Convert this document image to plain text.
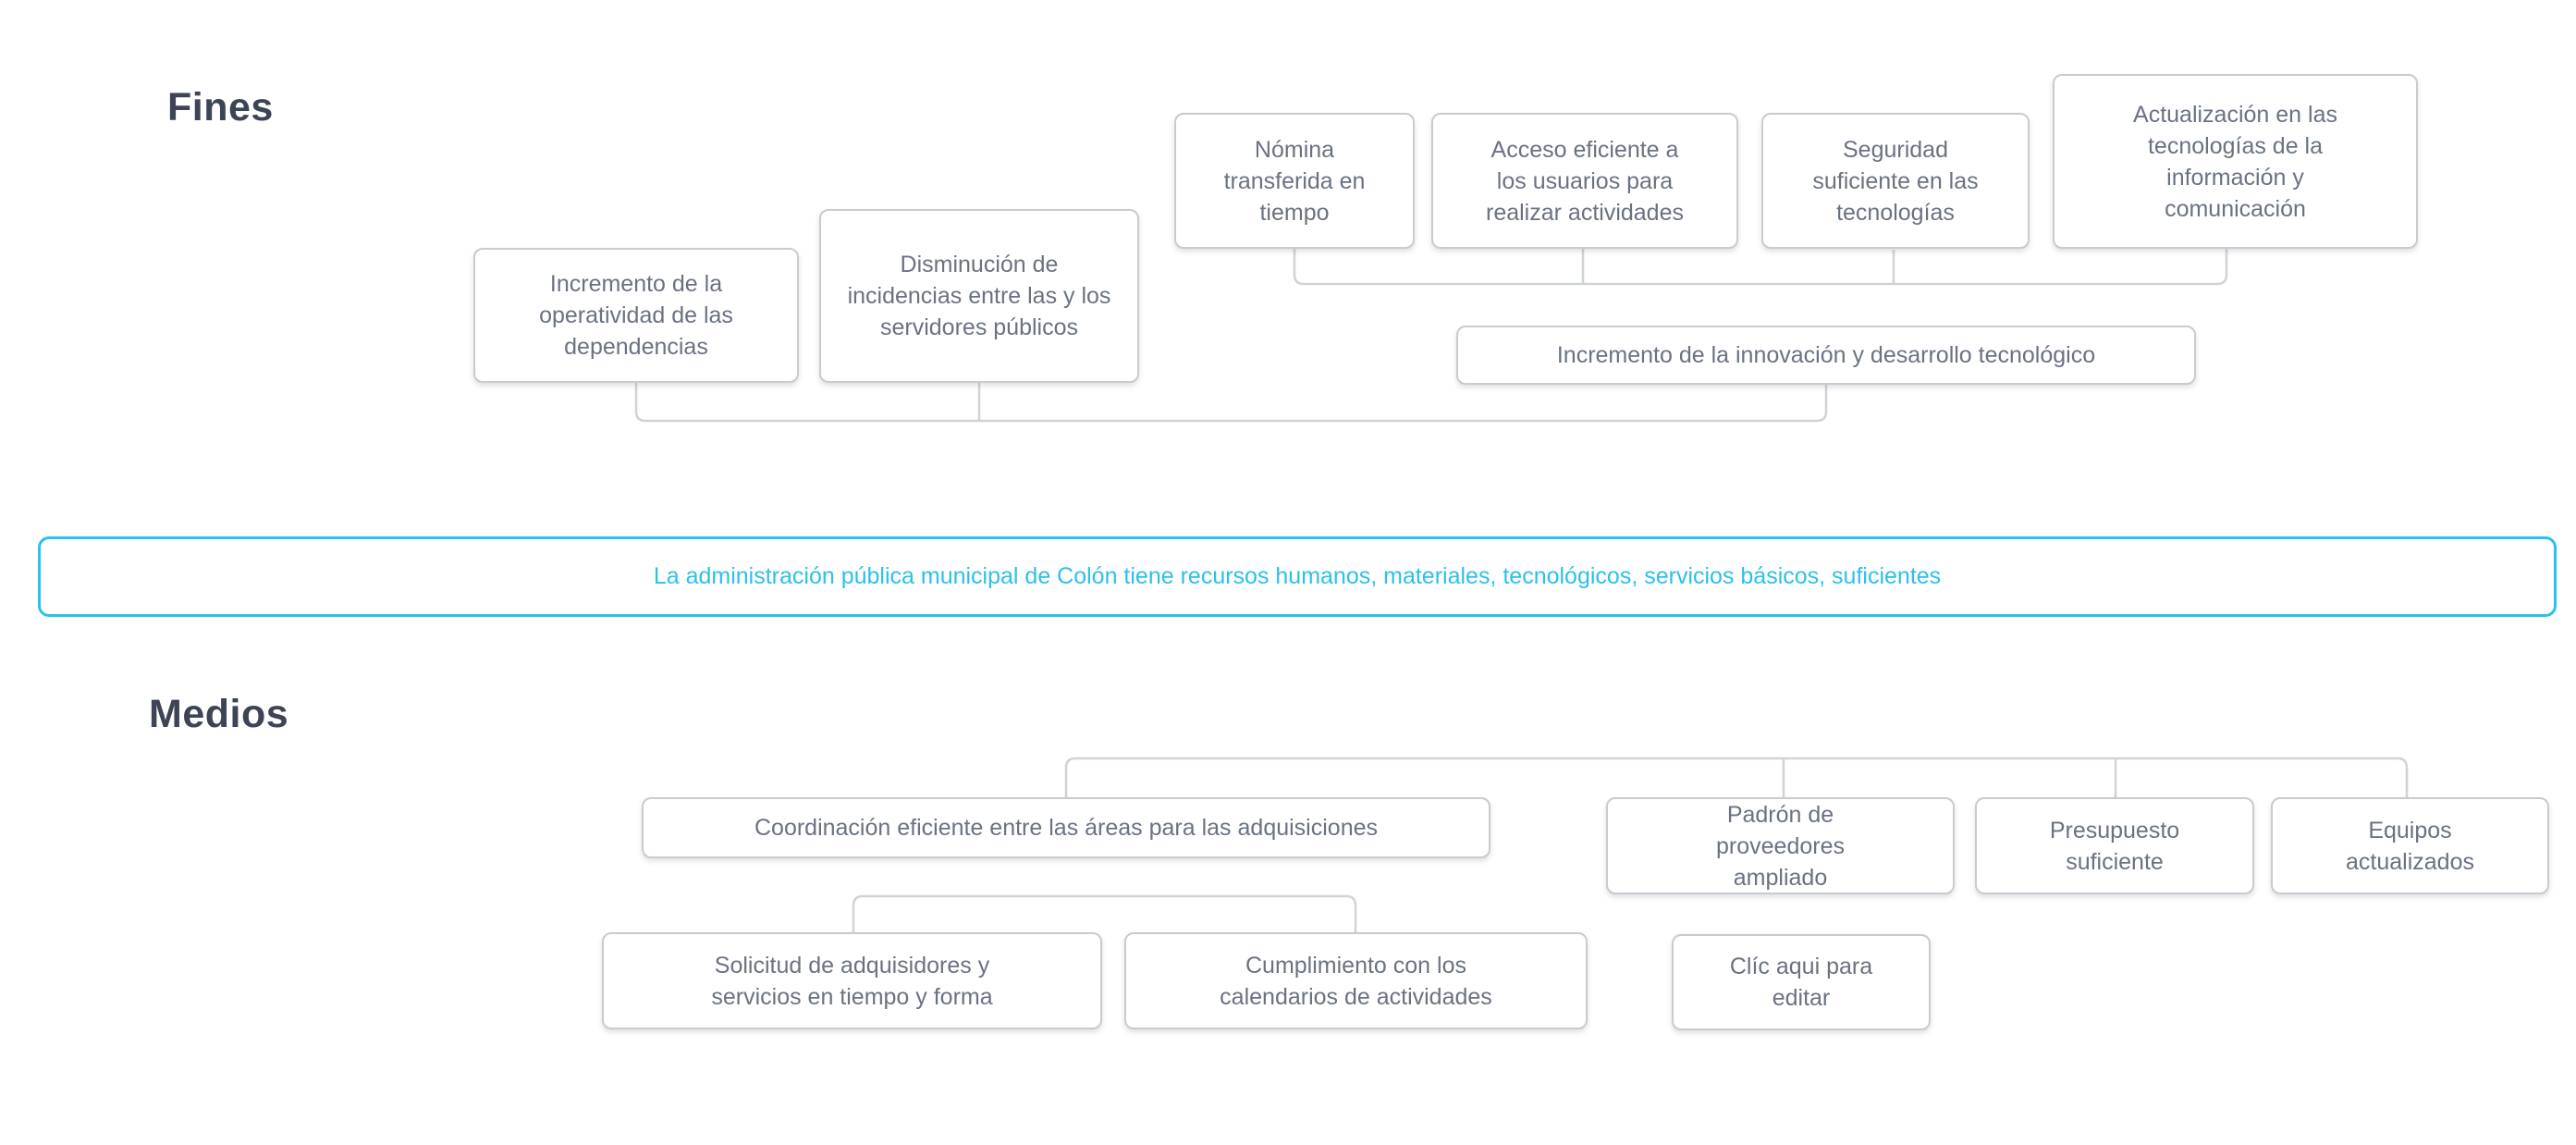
Fines
Incremento de la operatividad de las dependencias
Disminución de incidencias entre las y los servidores públicos
Nómina transferida en tiempo
Acceso eficiente a los usuarios para realizar actividades
Seguridad suficiente en las tecnologías
Actualización en las tecnologías de la información y comunicación
Incremento de la innovación y desarrollo tecnológico
La administración pública municipal de Colón tiene recursos humanos, materiales, tecnológicos, servicios básicos, suficientes
Medios
Coordinación eficiente entre las áreas para las adquisiciones
Padrón de proveedores ampliado
Presupuesto suficiente
Equipos actualizados
Solicitud de adquisidores y servicios en tiempo y forma
Cumplimiento con los calendarios de actividades
Clíc aqui para editar
